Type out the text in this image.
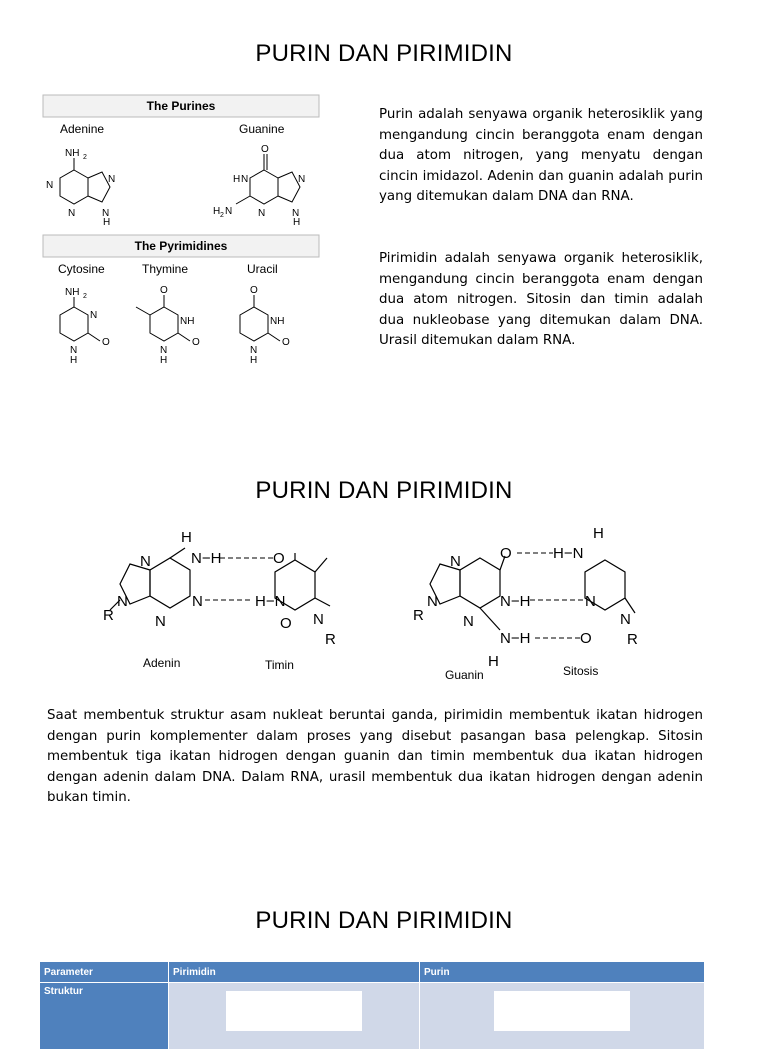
PURIN DAN PIRIMIDIN
The Purines
The Pyrimidines
Adenine	Guanine
Cytosine	Thymine	Uracil
NH 2
N
N
N
N
H
O
H N
H 2 N	N
N
N
H
NH 2
N
O
N
H
O
NH
O
N
H
O
NH
O
N
H

Purin adalah senyawa organik heterosiklik yang mengandung cincin beranggota enam dengan dua atom nitrogen, yang menyatu dengan cincin imidazol. Adenin dan guanin adalah purin yang ditemukan dalam DNA dan RNA.

Pirimidin adalah senyawa organik heterosiklik, mengandung cincin beranggota enam dengan dua atom nitrogen. Sitosin dan timin adalah dua nukleobase yang ditemukan dalam DNA. Urasil ditemukan dalam RNA.

PURIN DAN PIRIMIDIN
H
N−H	O
N
N
R
N
N
H−N
O N
R
Adenin	Timin
H
H−N
O
N
N
R
N−H	N
N
N
R
N−H	O
H
Guanin	Sitosis

Saat membentuk struktur asam nukleat beruntai ganda, pirimidin membentuk ikatan hidrogen dengan purin komplementer dalam proses yang disebut pasangan basa pelengkap. Sitosin membentuk tiga ikatan hidrogen dengan guanin dan timin membentuk dua ikatan hidrogen dengan adenin dalam DNA. Dalam RNA, urasil membentuk dua ikatan hidrogen dengan adenin bukan timin.

PURIN DAN PIRIMIDIN
Parameter	Pirimidin	Purin
Struktur	
